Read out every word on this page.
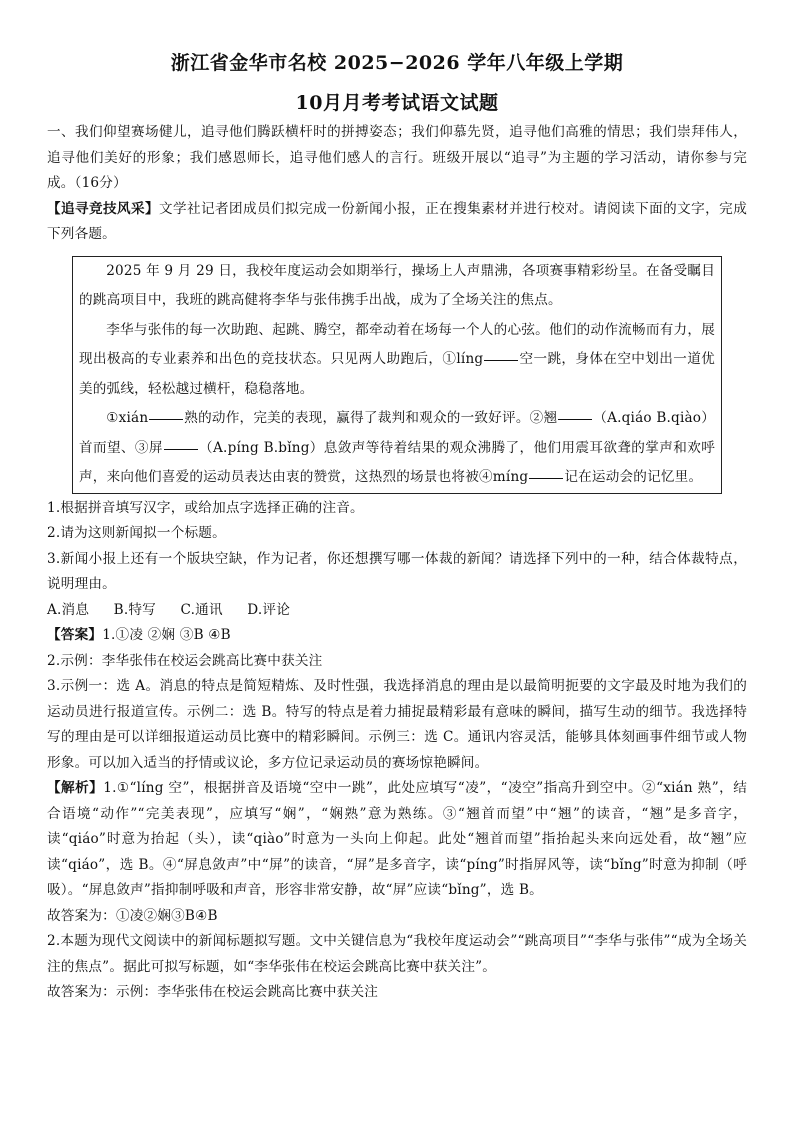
浙江省金华市名校 2025−2026 学年八年级上学期

10月月考考试语文试题

一、我们仰望赛场健儿，追寻他们腾跃横杆时的拼搏姿态；我们仰慕先贤，追寻他们高雅的情思；我们崇拜伟人，追寻他们美好的形象；我们感恩师长，追寻他们感人的言行。班级开展以“追寻”为主题的学习活动，请你参与完成。（16分）

【追寻竞技风采】文学社记者团成员们拟完成一份新闻小报，正在搜集素材并进行校对。请阅读下面的文字，完成下列各题。

2025 年 9 月 29 日，我校年度运动会如期举行，操场上人声鼎沸，各项赛事精彩纷呈。在备受瞩目的跳高项目中，我班的跳高健将李华与张伟携手出战，成为了全场关注的焦点。

李华与张伟的每一次助跑、起跳、腾空，都牵动着在场每一个人的心弦。他们的动作流畅而有力，展现出极高的专业素养和出色的竞技状态。只见两人助跑后，①líng	空一跳，身体在空中划出一道优美的弧线，轻松越过横杆，稳稳落地。

①xián	熟的动作，完美的表现，赢得了裁判和观众的一致好评。②翘	（A.qiáo B.qiào）首而望、③屏	（A.píng B.bǐng）息敛声等待着结果的观众沸腾了，他们用震耳欲聋的掌声和欢呼声，来向他们喜爱的运动员表达由衷的赞赏，这热烈的场景也将被④míng	记在运动会的记忆里。

1.根据拼音填写汉字，或给加点字选择正确的注音。

2.请为这则新闻拟一个标题。

3.新闻小报上还有一个版块空缺，作为记者，你还想撰写哪一体裁的新闻？请选择下列中的一种，结合体裁特点，说明理由。

A.消息 B.特写 C.通讯 D.评论

【答案】1.①凌 ②娴 ③B ④B

2.示例：李华张伟在校运会跳高比赛中获关注

3.示例一：选 A。消息的特点是简短精炼、及时性强，我选择消息的理由是以最简明扼要的文字最及时地为我们的运动员进行报道宣传。示例二：选 B。特写的特点是着力捕捉最精彩最有意味的瞬间，描写生动的细节。我选择特写的理由是可以详细报道运动员比赛中的精彩瞬间。示例三：选 C。通讯内容灵活，能够具体刻画事件细节或人物形象。可以加入适当的抒情或议论，多方位记录运动员的赛场惊艳瞬间。

【解析】1.①“líng 空”，根据拼音及语境“空中一跳”，此处应填写“凌”，“凌空”指高升到空中。②“xián 熟”，结合语境“动作”“完美表现”，应填写“娴”，“娴熟”意为熟练。③“翘首而望”中“翘”的读音，“翘”是多音字，读“qiáo”时意为抬起（头），读“qiào”时意为一头向上仰起。此处“翘首而望”指抬起头来向远处看，故“翘”应读“qiáo”，选 B。④“屏息敛声”中“屏”的读音，“屏”是多音字，读“píng”时指屏风等，读“bǐng”时意为抑制（呼吸）。“屏息敛声”指抑制呼吸和声音，形容非常安静，故“屏”应读“bǐng”，选 B。

故答案为：①凌②娴③B④B

2.本题为现代文阅读中的新闻标题拟写题。文中关键信息为“我校年度运动会”“跳高项目”“李华与张伟”“成为全场关注的焦点”。据此可拟写标题，如“李华张伟在校运会跳高比赛中获关注”。

故答案为：示例：李华张伟在校运会跳高比赛中获关注
